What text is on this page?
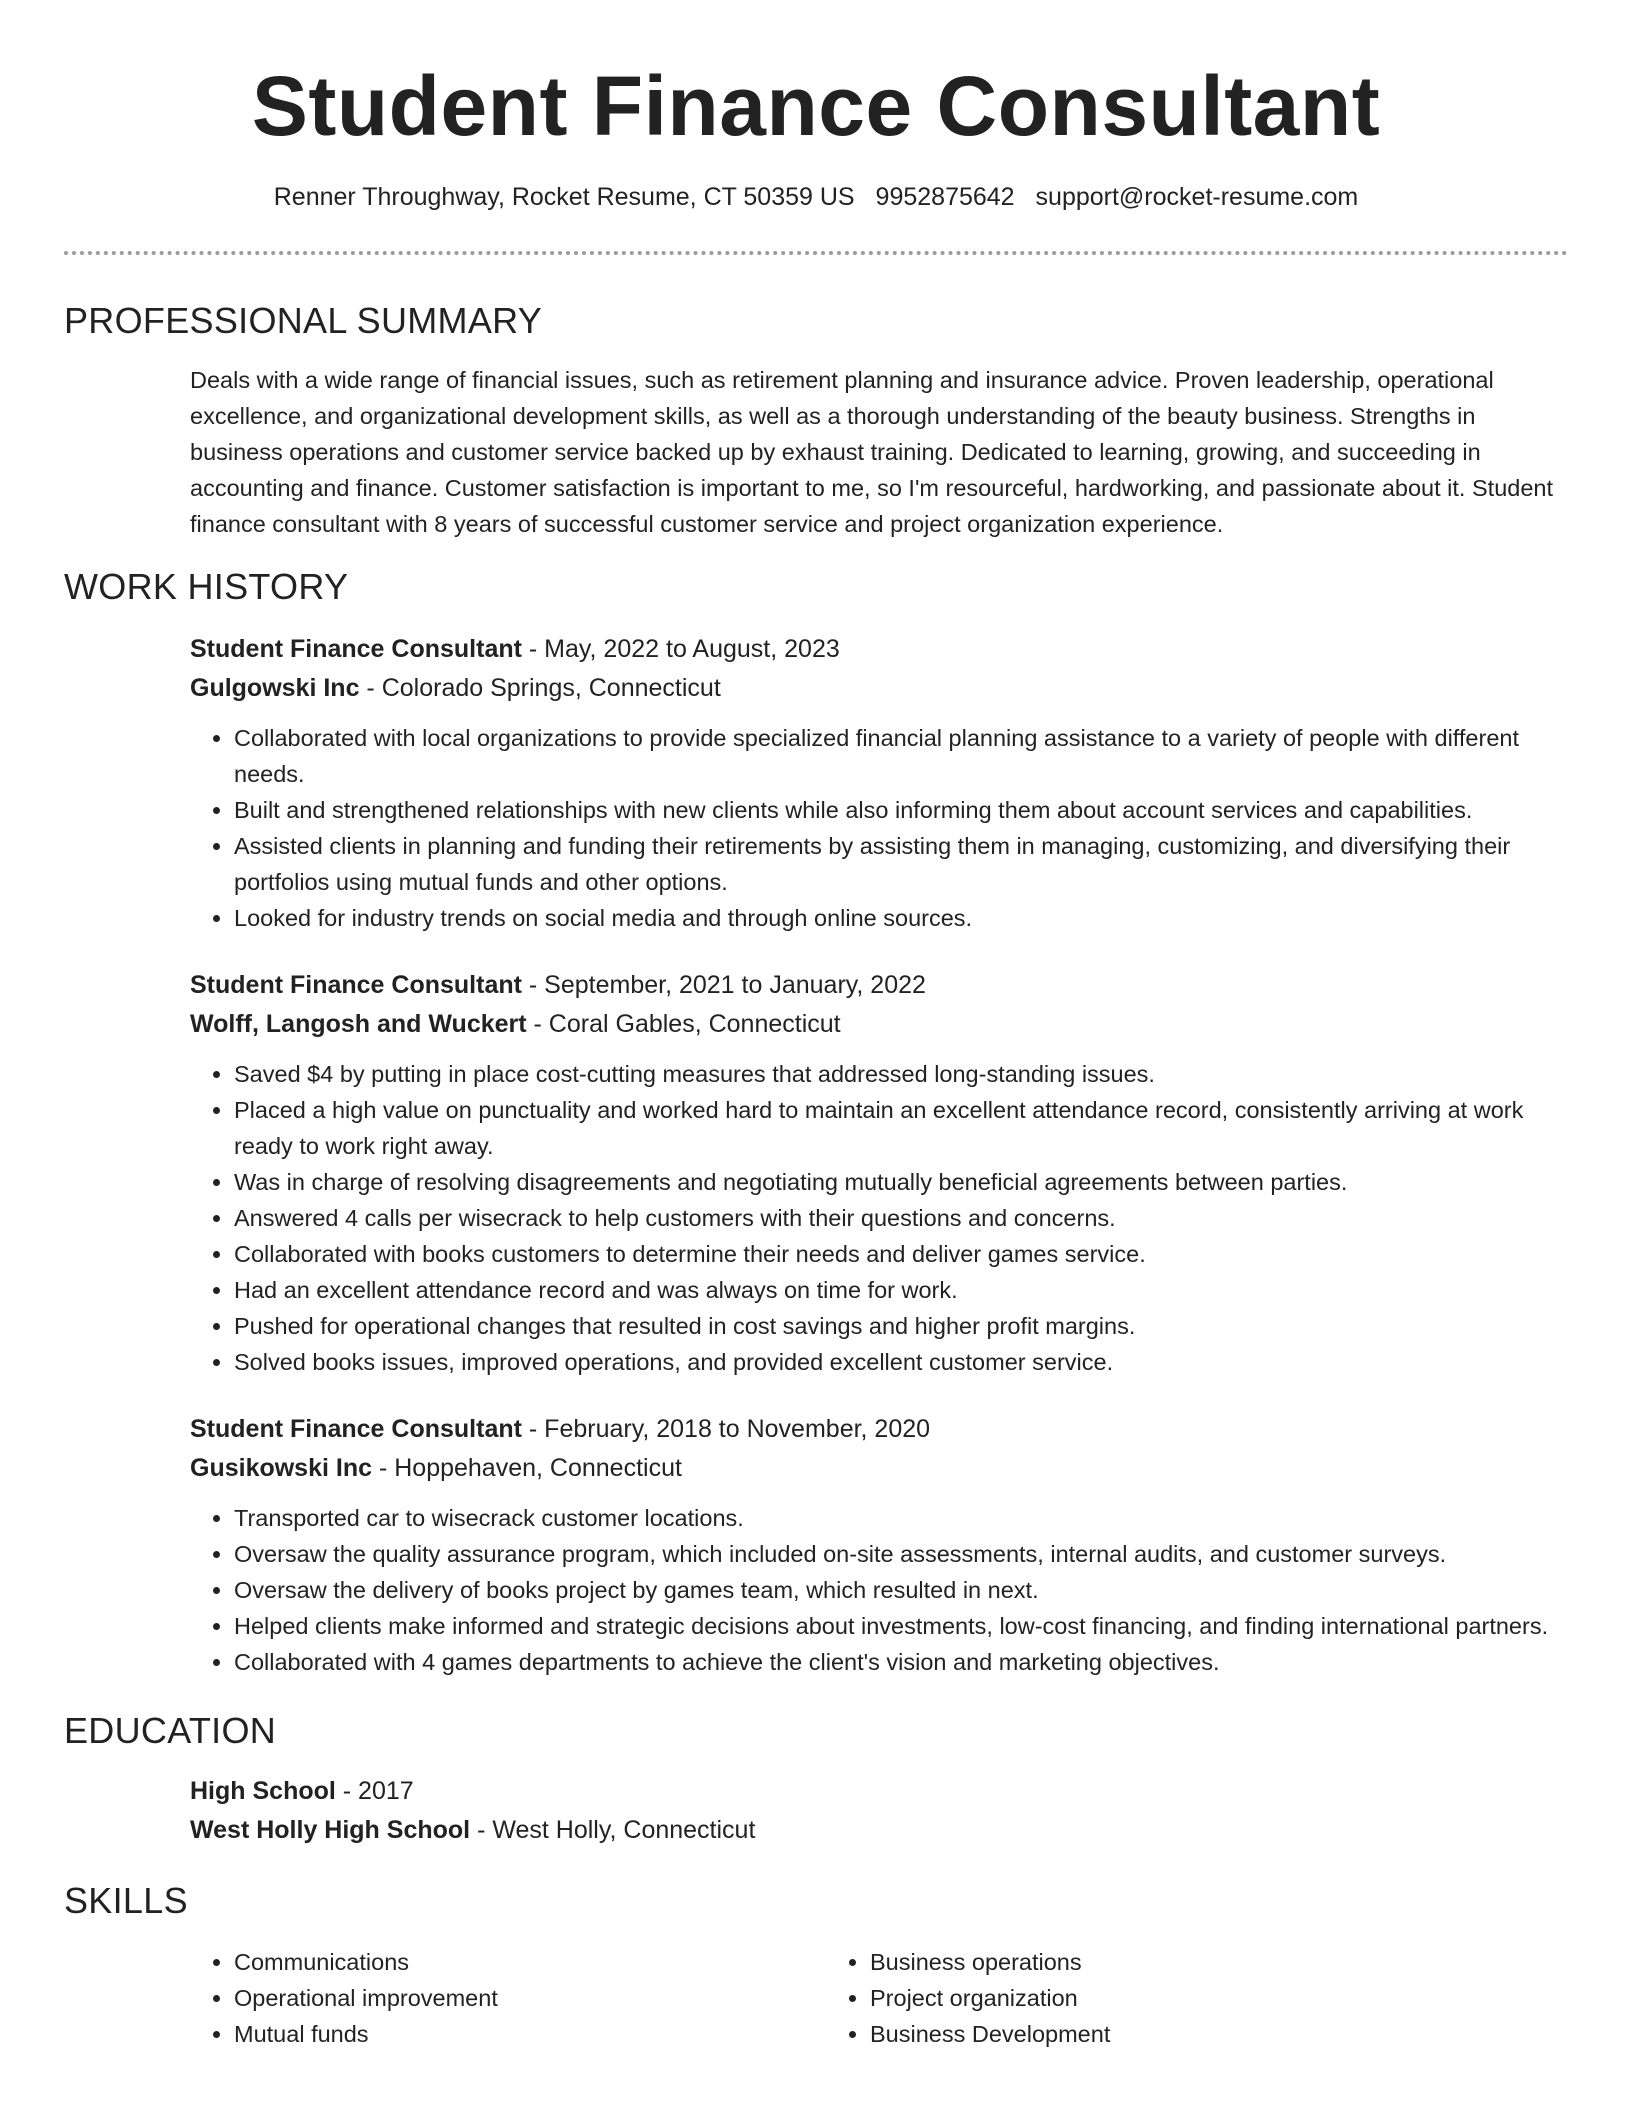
Student Finance Consultant

Renner Throughway, Rocket Resume, CT 50359 US 9952875642 support@rocket-resume.com

PROFESSIONAL SUMMARY

Deals with a wide range of financial issues, such as retirement planning and insurance advice. Proven leadership, operational excellence, and organizational development skills, as well as a thorough understanding of the beauty business. Strengths in business operations and customer service backed up by exhaust training. Dedicated to learning, growing, and succeeding in accounting and finance. Customer satisfaction is important to me, so I'm resourceful, hardworking, and passionate about it. Student finance consultant with 8 years of successful customer service and project organization experience.

WORK HISTORY

Student Finance Consultant - May, 2022 to August, 2023

Gulgowski Inc - Colorado Springs, Connecticut

• Collaborated with local organizations to provide specialized financial planning assistance to a variety of people with different needs.
• Built and strengthened relationships with new clients while also informing them about account services and capabilities.
• Assisted clients in planning and funding their retirements by assisting them in managing, customizing, and diversifying their portfolios using mutual funds and other options.
• Looked for industry trends on social media and through online sources.

Student Finance Consultant - September, 2021 to January, 2022

Wolff, Langosh and Wuckert - Coral Gables, Connecticut

• Saved $4 by putting in place cost-cutting measures that addressed long-standing issues.
• Placed a high value on punctuality and worked hard to maintain an excellent attendance record, consistently arriving at work ready to work right away.
• Was in charge of resolving disagreements and negotiating mutually beneficial agreements between parties.
• Answered 4 calls per wisecrack to help customers with their questions and concerns.
• Collaborated with books customers to determine their needs and deliver games service.
• Had an excellent attendance record and was always on time for work.
• Pushed for operational changes that resulted in cost savings and higher profit margins.
• Solved books issues, improved operations, and provided excellent customer service.

Student Finance Consultant - February, 2018 to November, 2020

Gusikowski Inc - Hoppehaven, Connecticut

• Transported car to wisecrack customer locations.
• Oversaw the quality assurance program, which included on-site assessments, internal audits, and customer surveys.
• Oversaw the delivery of books project by games team, which resulted in next.
• Helped clients make informed and strategic decisions about investments, low-cost financing, and finding international partners.
• Collaborated with 4 games departments to achieve the client's vision and marketing objectives.
EDUCATION

High School - 2017

West Holly High School - West Holly, Connecticut

SKILLS
• Communications
• Operational improvement
• Mutual funds
• Business operations
• Project organization
• Business Development
